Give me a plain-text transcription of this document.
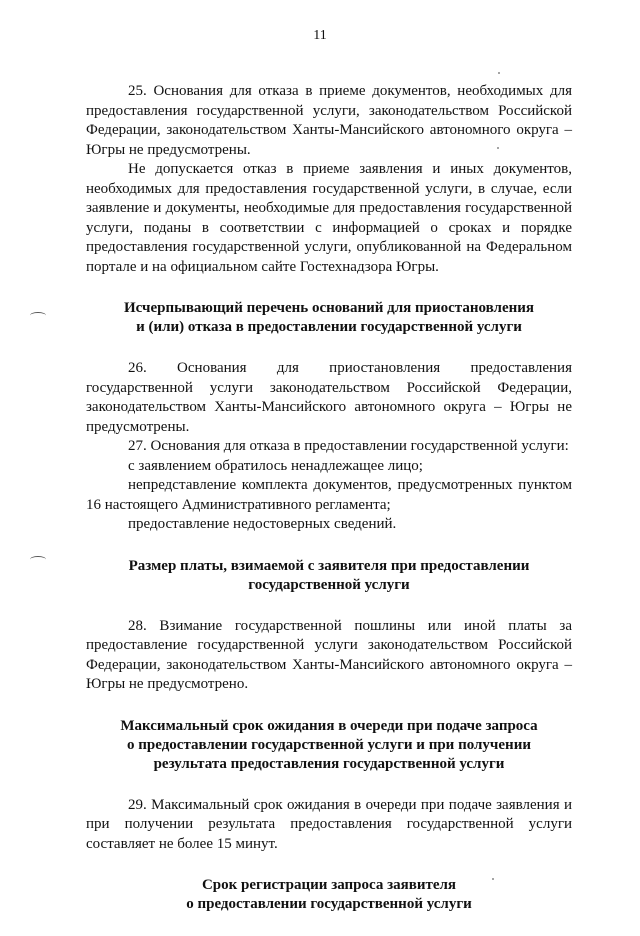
11

25. Основания для отказа в приеме документов, необходимых для предоставления государственной услуги, законодательством Российской Федерации, законодательством Ханты-Мансийского автономного округа – Югры не предусмотрены.

Не допускается отказ в приеме заявления и иных документов, необходимых для предоставления государственной услуги, в случае, если заявление и документы, необходимые для предоставления государственной услуги, поданы в соответствии с информацией о сроках и порядке предоставления государственной услуги, опубликованной на Федеральном портале и на официальном сайте Гостехнадзора Югры.

Исчерпывающий перечень оснований для приостановления
и (или) отказа в предоставлении государственной услуги

26. Основания для приостановления предоставления государственной услуги законодательством Российской Федерации, законодательством Ханты-Мансийского автономного округа – Югры не предусмотрены.

27. Основания для отказа в предоставлении государственной услуги:

с заявлением обратилось ненадлежащее лицо;

непредставление комплекта документов, предусмотренных пунктом 16 настоящего Административного регламента;

предоставление недостоверных сведений.

Размер платы, взимаемой с заявителя при предоставлении
государственной услуги

28. Взимание государственной пошлины или иной платы за предоставление государственной услуги законодательством Российской Федерации, законодательством Ханты-Мансийского автономного округа – Югры не предусмотрено.

Максимальный срок ожидания в очереди при подаче запроса
о предоставлении государственной услуги и при получении
результата предоставления государственной услуги

29. Максимальный срок ожидания в очереди при подаче заявления и при получении результата предоставления государственной услуги составляет не более 15 минут.

Срок регистрации запроса заявителя
о предоставлении государственной услуги
